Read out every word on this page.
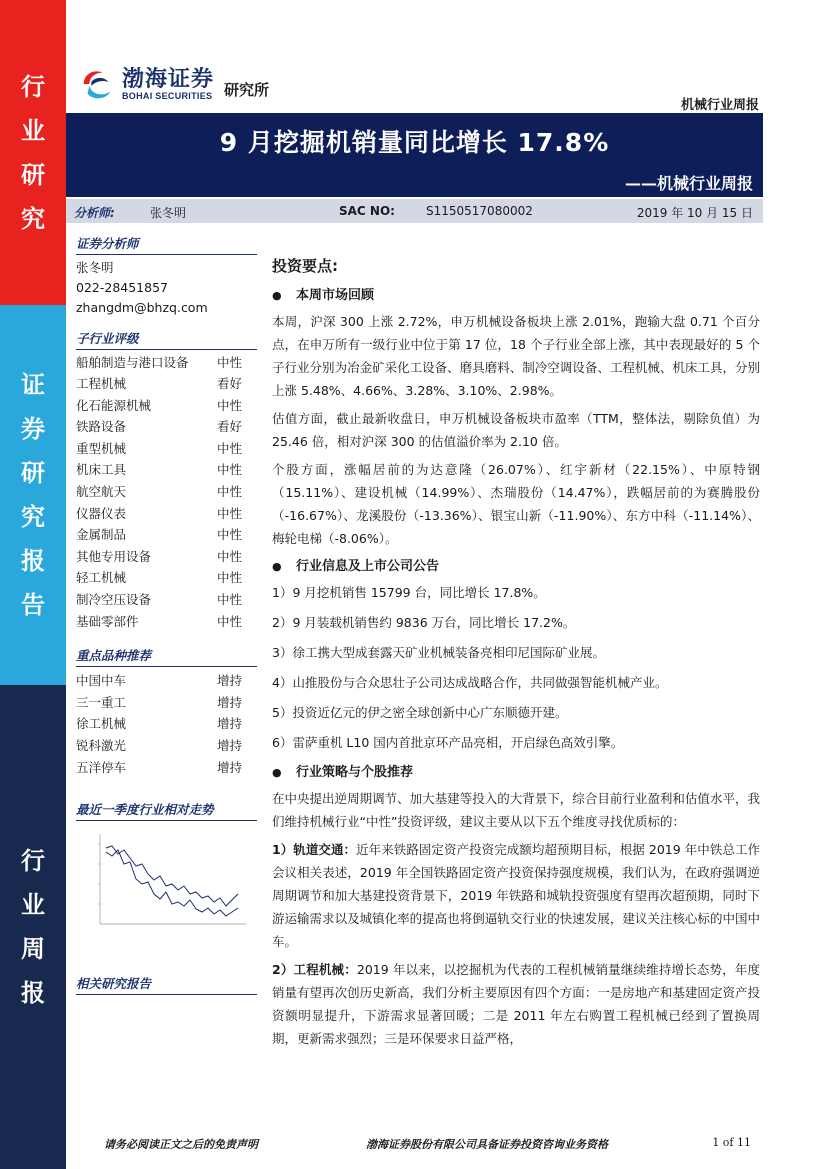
行
业
研
究
证
券
研
究
报
告
行
业
周
报
渤海证券
BOHAI SECURITIES 研究所
机械行业周报
9 月挖掘机销量同比增长 17.8%
——机械行业周报
分析师:	张冬明	SAC NO:	S1150517080002	2019 年 10 月 15 日
证券分析师
张冬明
022-28451857
zhangdm@bhzq.com
子行业评级
船舶制造与港口设备	中性
工程机械	看好
化石能源机械	中性
铁路设备	看好
重型机械	中性
机床工具	中性
航空航天	中性
仪器仪表	中性
金属制品	中性
其他专用设备	中性
轻工机械	中性
制冷空压设备	中性
基础零部件	中性
重点品种推荐
中国中车	增持
三一重工	增持
徐工机械	增持
锐科激光	增持
五洋停车	增持
最近一季度行业相对走势
相关研究报告
投资要点:
● 本周市场回顾

本周，沪深 300 上涨 2.72%，申万机械设备板块上涨 2.01%，跑输大盘 0.71 个百分点，在申万所有一级行业中位于第 17 位，18 个子行业全部上涨，其中表现最好的 5 个子行业分别为冶金矿采化工设备、磨具磨料、制冷空调设备、工程机械、机床工具，分别上涨 5.48%、4.66%、3.28%、3.10%、2.98%。

估值方面，截止最新收盘日，申万机械设备板块市盈率（TTM，整体法，剔除负值）为 25.46 倍，相对沪深 300 的估值溢价率为 2.10 倍。

个股方面，涨幅居前的为达意隆（26.07%）、红宇新材（22.15%）、中原特钢（15.11%）、建设机械（14.99%）、杰瑞股份（14.47%），跌幅居前的为赛腾股份（-16.67%）、龙溪股份（-13.36%）、银宝山新（-11.90%）、东方中科（-11.14%）、梅轮电梯（-8.06%）。

● 行业信息及上市公司公告

1）9 月挖机销售 15799 台，同比增长 17.8%。

2）9 月装载机销售约 9836 万台，同比增长 17.2%。

3）徐工携大型成套露天矿业机械装备亮相印尼国际矿业展。

4）山推股份与合众思壮子公司达成战略合作，共同做强智能机械产业。

5）投资近亿元的伊之密全球创新中心广东顺德开建。

6）雷萨重机 L10 国内首批京环产品亮相，开启绿色高效引擎。

● 行业策略与个股推荐

在中央提出逆周期调节、加大基建等投入的大背景下，综合目前行业盈利和估值水平，我们维持机械行业“中性”投资评级，建议主要从以下五个维度寻找优质标的：

1）轨道交通：近年来铁路固定资产投资完成额均超预期目标，根据 2019 年中铁总工作会议相关表述，2019 年全国铁路固定资产投资保持强度规模，我们认为，在政府强调逆周期调节和加大基建投资背景下，2019 年铁路和城轨投资强度有望再次超预期，同时下游运输需求以及城镇化率的提高也将倒逼轨交行业的快速发展，建议关注核心标的中国中车。

2）工程机械：2019 年以来，以挖掘机为代表的工程机械销量继续维持增长态势，年度销量有望再次创历史新高，我们分析主要原因有四个方面：一是房地产和基建固定资产投资额明显提升，下游需求显著回暖；二是 2011 年左右购置工程机械已经到了置换周期，更新需求强烈；三是环保要求日益严格，

请务必阅读正文之后的免责声明	渤海证券股份有限公司具备证券投资咨询业务资格	1 of 11
